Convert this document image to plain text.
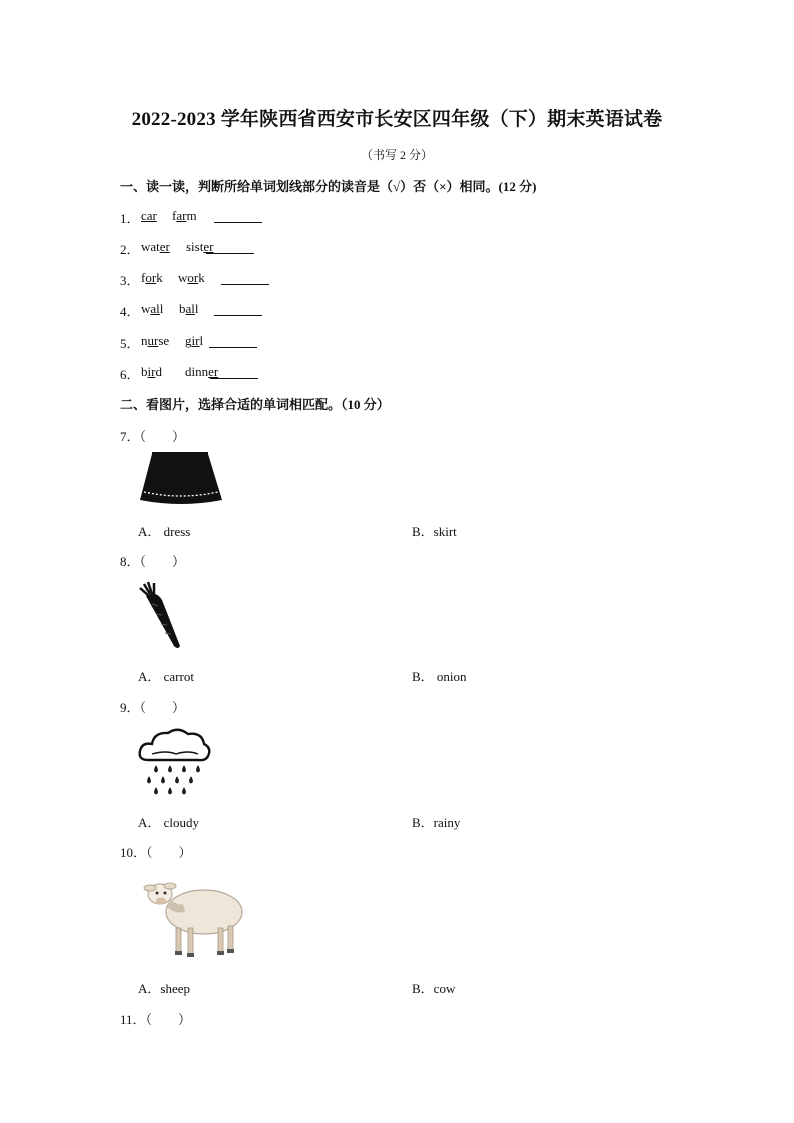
2022-2023 学年陕西省西安市长安区四年级（下）期末英语试卷
（书写 2 分）
一、读一读，判断所给单词划线部分的读音是（√）否（×）相同。(12 分)
1． car farm
2． water sister
3． fork work
4． wall ball
5． nurse girl
6． bird dinner
二、看图片，选择合适的单词相匹配。（10 分）
7．（　　）
A． dress	B．skirt
8．（　　）
A． carrot	B． onion
9．（　　）
A． cloudy	B．rainy
10．（　　）
A．sheep	B．cow
11．（　　）
